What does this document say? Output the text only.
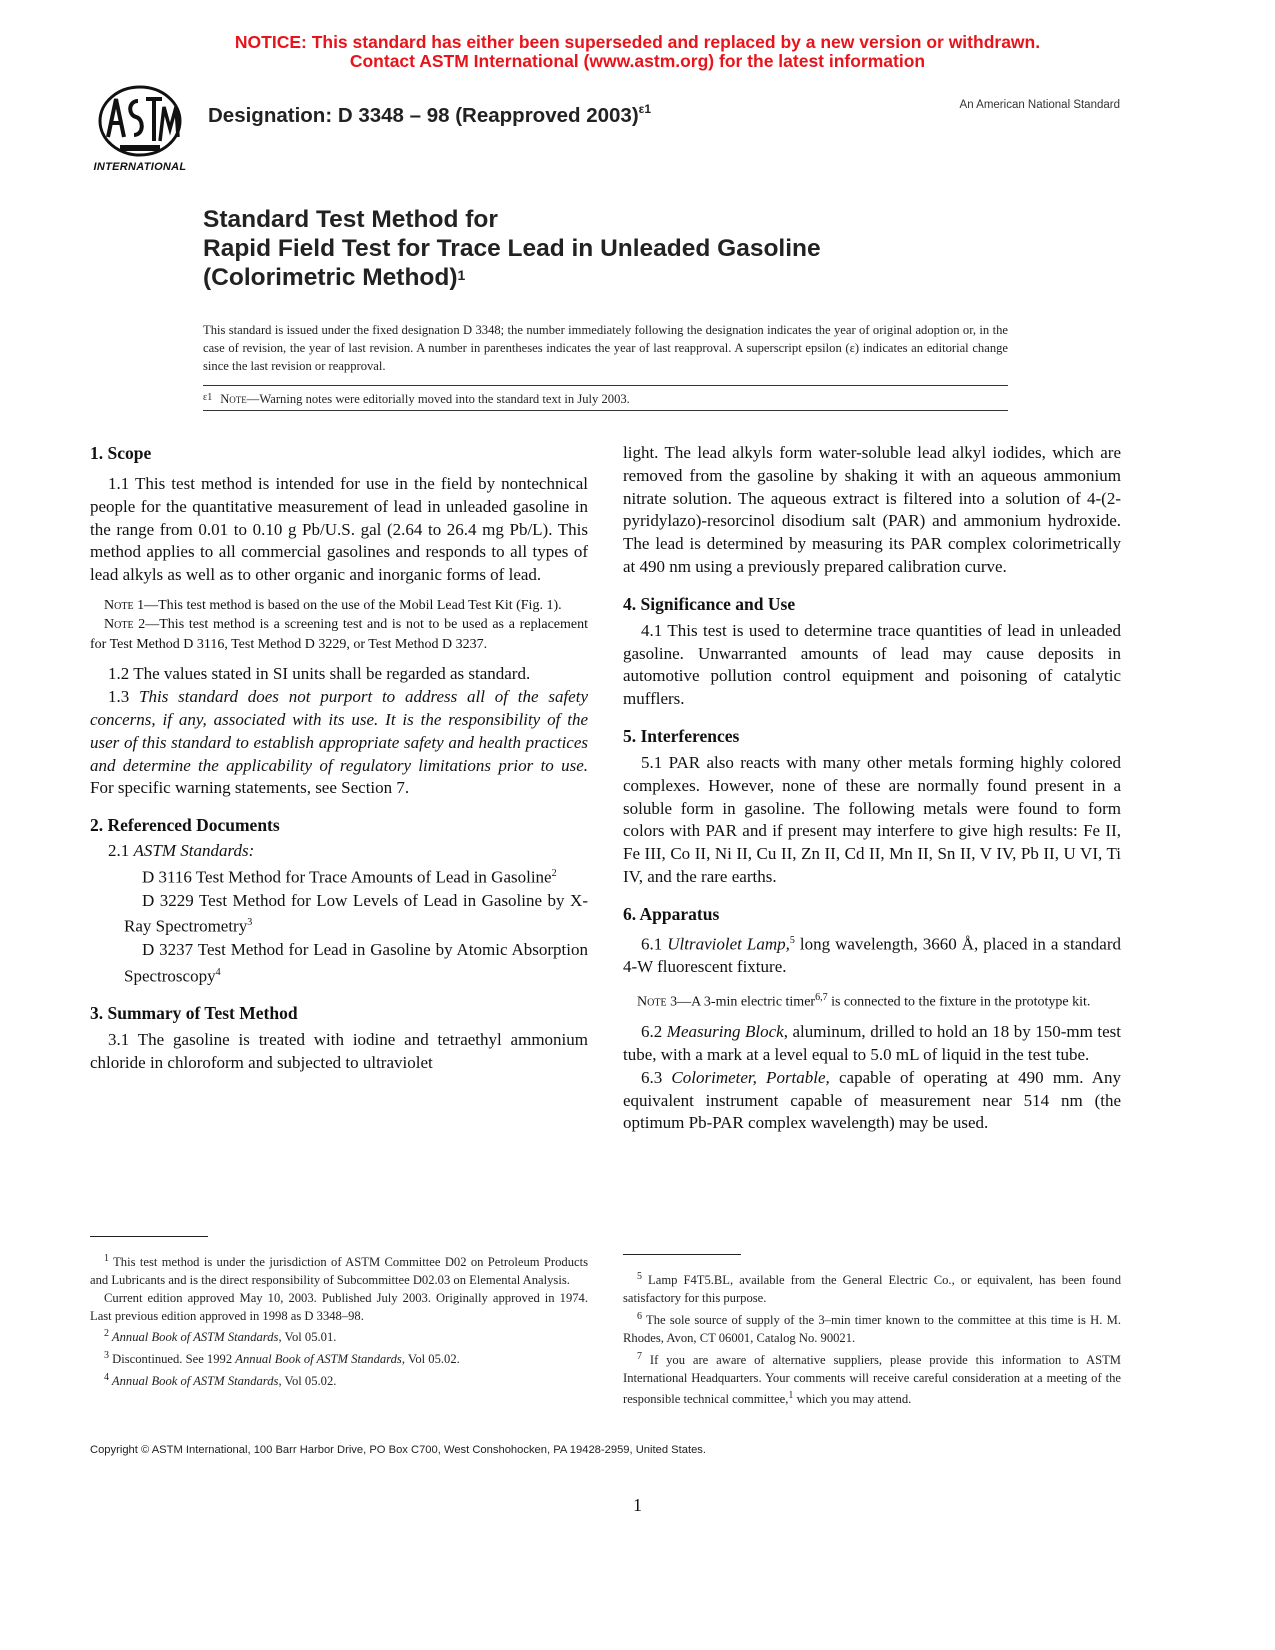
NOTICE: This standard has either been superseded and replaced by a new version or withdrawn.
Contact ASTM International (www.astm.org) for the latest information
INTERNATIONAL
Designation: D 3348 – 98 (Reapproved 2003)$^{\varepsilon 1}$	An American National Standard
Standard Test Method for
Rapid Field Test for Trace Lead in Unleaded Gasoline
(Colorimetric Method)$^1$
This standard is issued under the fixed designation D 3348; the number immediately following the designation indicates the year of original adoption or, in the case of revision, the year of last revision. A number in parentheses indicates the year of last reapproval. A superscript epsilon (ε) indicates an editorial change since the last revision or reapproval.
$^{\varepsilon 1}$ Note—Warning notes were editorially moved into the standard text in July 2003.
1. Scope

1.1 This test method is intended for use in the field by nontechnical people for the quantitative measurement of lead in unleaded gasoline in the range from 0.01 to 0.10 g Pb/U.S. gal (2.64 to 26.4 mg Pb/L). This method applies to all commercial gasolines and responds to all types of lead alkyls as well as to other organic and inorganic forms of lead.

Note 1—This test method is based on the use of the Mobil Lead Test Kit (Fig. 1).

Note 2—This test method is a screening test and is not to be used as a replacement for Test Method D 3116, Test Method D 3229, or Test Method D 3237.

1.2 The values stated in SI units shall be regarded as standard.

1.3 This standard does not purport to address all of the safety concerns, if any, associated with its use. It is the responsibility of the user of this standard to establish appropriate safety and health practices and determine the applicability of regulatory limitations prior to use. For specific warning statements, see Section 7.

2. Referenced Documents

2.1 ASTM Standards:

D 3116 Test Method for Trace Amounts of Lead in Gasoline$^2$

D 3229 Test Method for Low Levels of Lead in Gasoline by X-Ray Spectrometry$^3$

D 3237 Test Method for Lead in Gasoline by Atomic Absorption Spectroscopy$^4$

3. Summary of Test Method

3.1 The gasoline is treated with iodine and tetraethyl ammonium chloride in chloroform and subjected to ultraviolet

light. The lead alkyls form water-soluble lead alkyl iodides, which are removed from the gasoline by shaking it with an aqueous ammonium nitrate solution. The aqueous extract is filtered into a solution of 4-(2-pyridylazo)-resorcinol disodium salt (PAR) and ammonium hydroxide. The lead is determined by measuring its PAR complex colorimetrically at 490 nm using a previously prepared calibration curve.

4. Significance and Use

4.1 This test is used to determine trace quantities of lead in unleaded gasoline. Unwarranted amounts of lead may cause deposits in automotive pollution control equipment and poisoning of catalytic mufflers.

5. Interferences

5.1 PAR also reacts with many other metals forming highly colored complexes. However, none of these are normally found present in a soluble form in gasoline. The following metals were found to form colors with PAR and if present may interfere to give high results: Fe II, Fe III, Co II, Ni II, Cu II, Zn II, Cd II, Mn II, Sn II, V IV, Pb II, U VI, Ti IV, and the rare earths.

6. Apparatus

6.1 Ultraviolet Lamp,$^5$ long wavelength, 3660 Å, placed in a standard 4-W fluorescent fixture.

Note 3—A 3-min electric timer$^{6,7}$ is connected to the fixture in the prototype kit.

6.2 Measuring Block, aluminum, drilled to hold an 18 by 150-mm test tube, with a mark at a level equal to 5.0 mL of liquid in the test tube.

6.3 Colorimeter, Portable, capable of operating at 490 mm. Any equivalent instrument capable of measurement near 514 nm (the optimum Pb-PAR complex wavelength) may be used.

$^1$ This test method is under the jurisdiction of ASTM Committee D02 on Petroleum Products and Lubricants and is the direct responsibility of Subcommittee D02.03 on Elemental Analysis.

Current edition approved May 10, 2003. Published July 2003. Originally approved in 1974. Last previous edition approved in 1998 as D 3348–98.

$^2$ Annual Book of ASTM Standards, Vol 05.01.

$^3$ Discontinued. See 1992 Annual Book of ASTM Standards, Vol 05.02.

$^4$ Annual Book of ASTM Standards, Vol 05.02.

$^5$ Lamp F4T5.BL, available from the General Electric Co., or equivalent, has been found satisfactory for this purpose.

$^6$ The sole source of supply of the 3–min timer known to the committee at this time is H. M. Rhodes, Avon, CT 06001, Catalog No. 90021.

$^7$ If you are aware of alternative suppliers, please provide this information to ASTM International Headquarters. Your comments will receive careful consideration at a meeting of the responsible technical committee,$^1$ which you may attend.

Copyright © ASTM International, 100 Barr Harbor Drive, PO Box C700, West Conshohocken, PA 19428-2959, United States.
1
